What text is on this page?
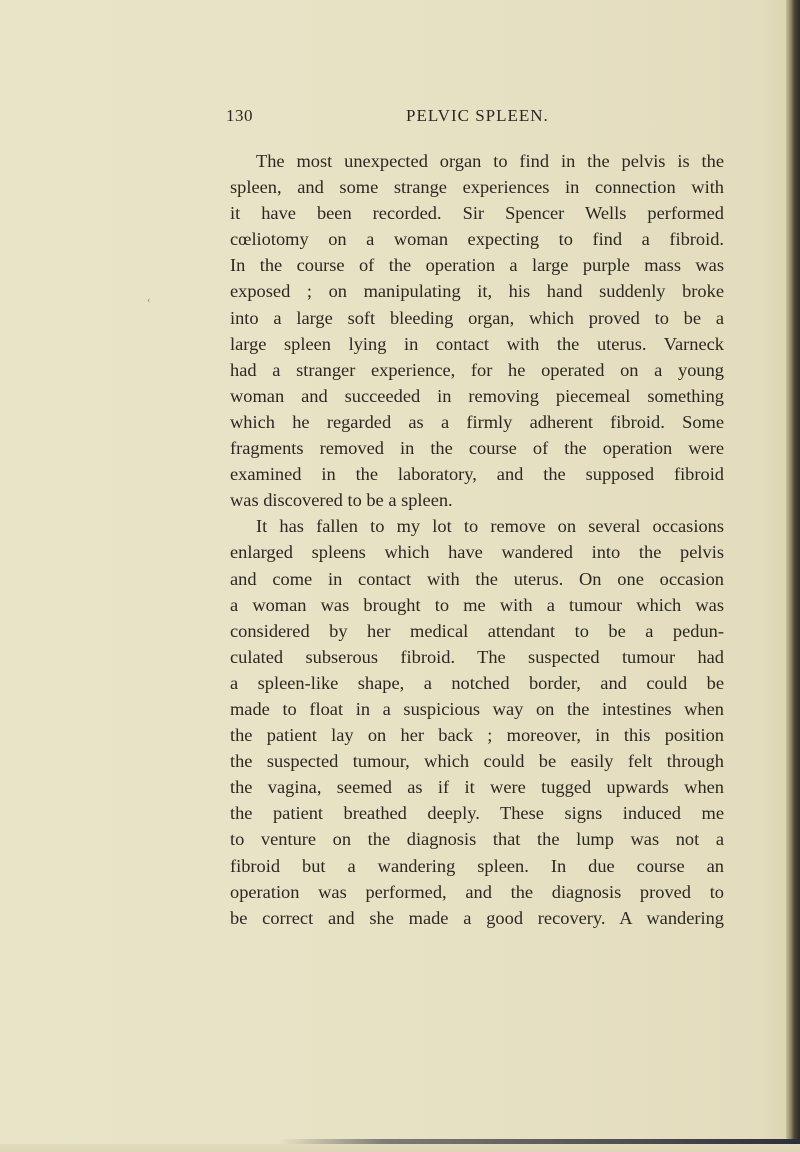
130	PELVIC SPLEEN.
‹
The most unexpected organ to find in the pelvis is the
spleen, and some strange experiences in connection with
it have been recorded. Sir Spencer Wells performed
cœliotomy on a woman expecting to find a fibroid.
In the course of the operation a large purple mass was
exposed ; on manipulating it, his hand suddenly broke
into a large soft bleeding organ, which proved to be a
large spleen lying in contact with the uterus. Varneck
had a stranger experience, for he operated on a young
woman and succeeded in removing piecemeal something
which he regarded as a firmly adherent fibroid. Some
fragments removed in the course of the operation were
examined in the laboratory, and the supposed fibroid
was discovered to be a spleen.
It has fallen to my lot to remove on several occasions
enlarged spleens which have wandered into the pelvis
and come in contact with the uterus. On one occasion
a woman was brought to me with a tumour which was
considered by her medical attendant to be a pedun-
culated subserous fibroid. The suspected tumour had
a spleen-like shape, a notched border, and could be
made to float in a suspicious way on the intestines when
the patient lay on her back ; moreover, in this position
the suspected tumour, which could be easily felt through
the vagina, seemed as if it were tugged upwards when
the patient breathed deeply. These signs induced me
to venture on the diagnosis that the lump was not a
fibroid but a wandering spleen. In due course an
operation was performed, and the diagnosis proved to
be correct and she made a good recovery. A wandering
